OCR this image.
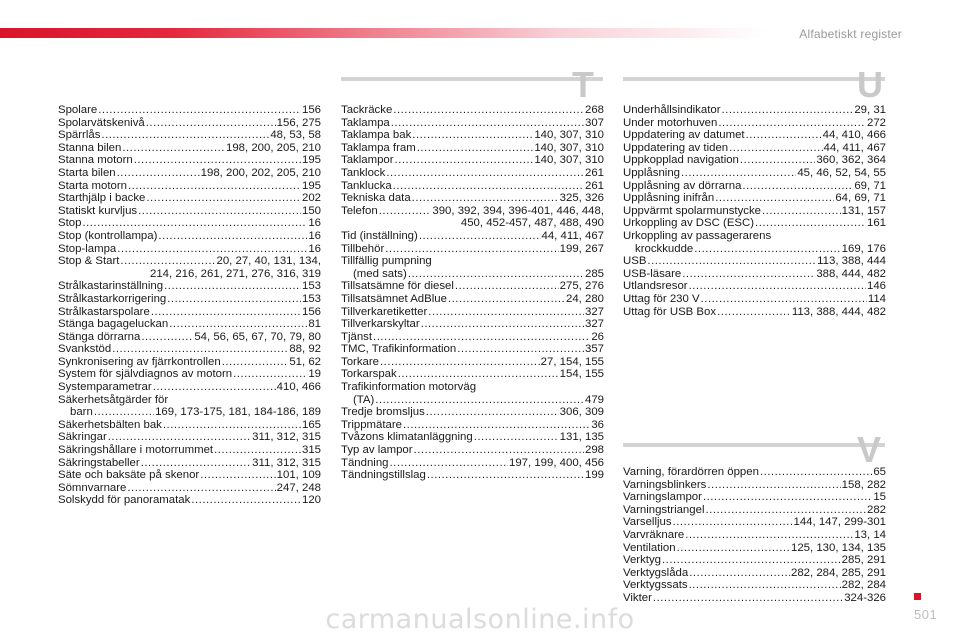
Alfabetiskt register
T	U
V
Spolare .....	156
Spolarvätskenivå .....	156, 275
Spärrlås .....	48, 53, 58
Stanna bilen .....	198, 200, 205, 210
Stanna motorn .....	195
Starta bilen .....	198, 200, 202, 205, 210
Starta motorn .....	195
Starthjälp i backe .....	202
Statiskt kurvljus .....	150
Stop .....	16
Stop (kontrollampa) .....	16
Stop-lampa .....	16
Stop & Start .....	20, 27, 40, 131, 134,
214, 216, 261, 271, 276, 316, 319
Strålkastarinställning .....	153
Strålkastarkorrigering .....	153
Strålkastarspolare .....	156
Stänga bagageluckan .....	81
Stänga dörrarna .....	54, 56, 65, 67, 70, 79, 80
Svankstöd .....	88, 92
Synkronisering av fjärrkontrollen .....	51, 62
System för självdiagnos av motorn .....	19
Systemparametrar .....	410, 466
Säkerhetsåtgärder för
barn .....	169, 173-175, 181, 184-186, 189
Säkerhetsbälten bak .....	165
Säkringar .....	311, 312, 315
Säkringshållare i motorrummet .....	315
Säkringstabeller .....	311, 312, 315
Säte och baksäte på skenor .....	101, 109
Sömnvarnare .....	247, 248
Solskydd för panoramatak .....	120
Tackräcke .....	268
Taklampa .....	307
Taklampa bak .....	140, 307, 310
Taklampa fram .....	140, 307, 310
Taklampor .....	140, 307, 310
Tanklock .....	261
Tanklucka .....	261
Tekniska data .....	325, 326
Telefon .....	390, 392, 394, 396-401, 446, 448,
450, 452-457, 487, 488, 490
Tid (inställning) .....	44, 411, 467
Tillbehör .....	199, 267
Tillfällig pumpning
(med sats) .....	285
Tillsatsämne för diesel .....	275, 276
Tillsatsämnet AdBlue .....	24, 280
Tillverkaretiketter .....	327
Tillverkarskyltar .....	327
Tjänst .....	26
TMC, Trafikinformation .....	357
Torkare .....	27, 154, 155
Torkarspak .....	154, 155
Trafikinformation motorväg
(TA) .....	479
Tredje bromsljus .....	306, 309
Trippmätare .....	36
Tvåzons klimatanläggning .....	131, 135
Typ av lampor .....	298
Tändning .....	197, 199, 400, 456
Tändningstillslag .....	199
Underhållsindikator .....	29, 31
Under motorhuven .....	272
Uppdatering av datumet .....	44, 410, 466
Uppdatering av tiden .....	44, 411, 467
Uppkopplad navigation .....	360, 362, 364
Upplåsning .....	45, 46, 52, 54, 55
Upplåsning av dörrarna .....	69, 71
Upplåsning inifrån .....	64, 69, 71
Uppvärmt spolarmunstycke .....	131, 157
Urkoppling av DSC (ESC) .....	161
Urkoppling av passagerarens
krockkudde .....	169, 176
USB .....	113, 388, 444
USB-läsare .....	388, 444, 482
Utlandsresor .....	146
Uttag för 230 V .....	114
Uttag för USB Box .....	113, 388, 444, 482
Varning, förardörren öppen .....	65
Varningsblinkers .....	158, 282
Varningslampor .....	15
Varningstriangel .....	282
Varselljus .....	144, 147, 299-301
Varvräknare .....	13, 14
Ventilation .....	125, 130, 134, 135
Verktyg .....	285, 291
Verktygslåda .....	282, 284, 285, 291
Verktygssats .....	282, 284
Vikter .....	324-326
501
carmanualsonline.info
